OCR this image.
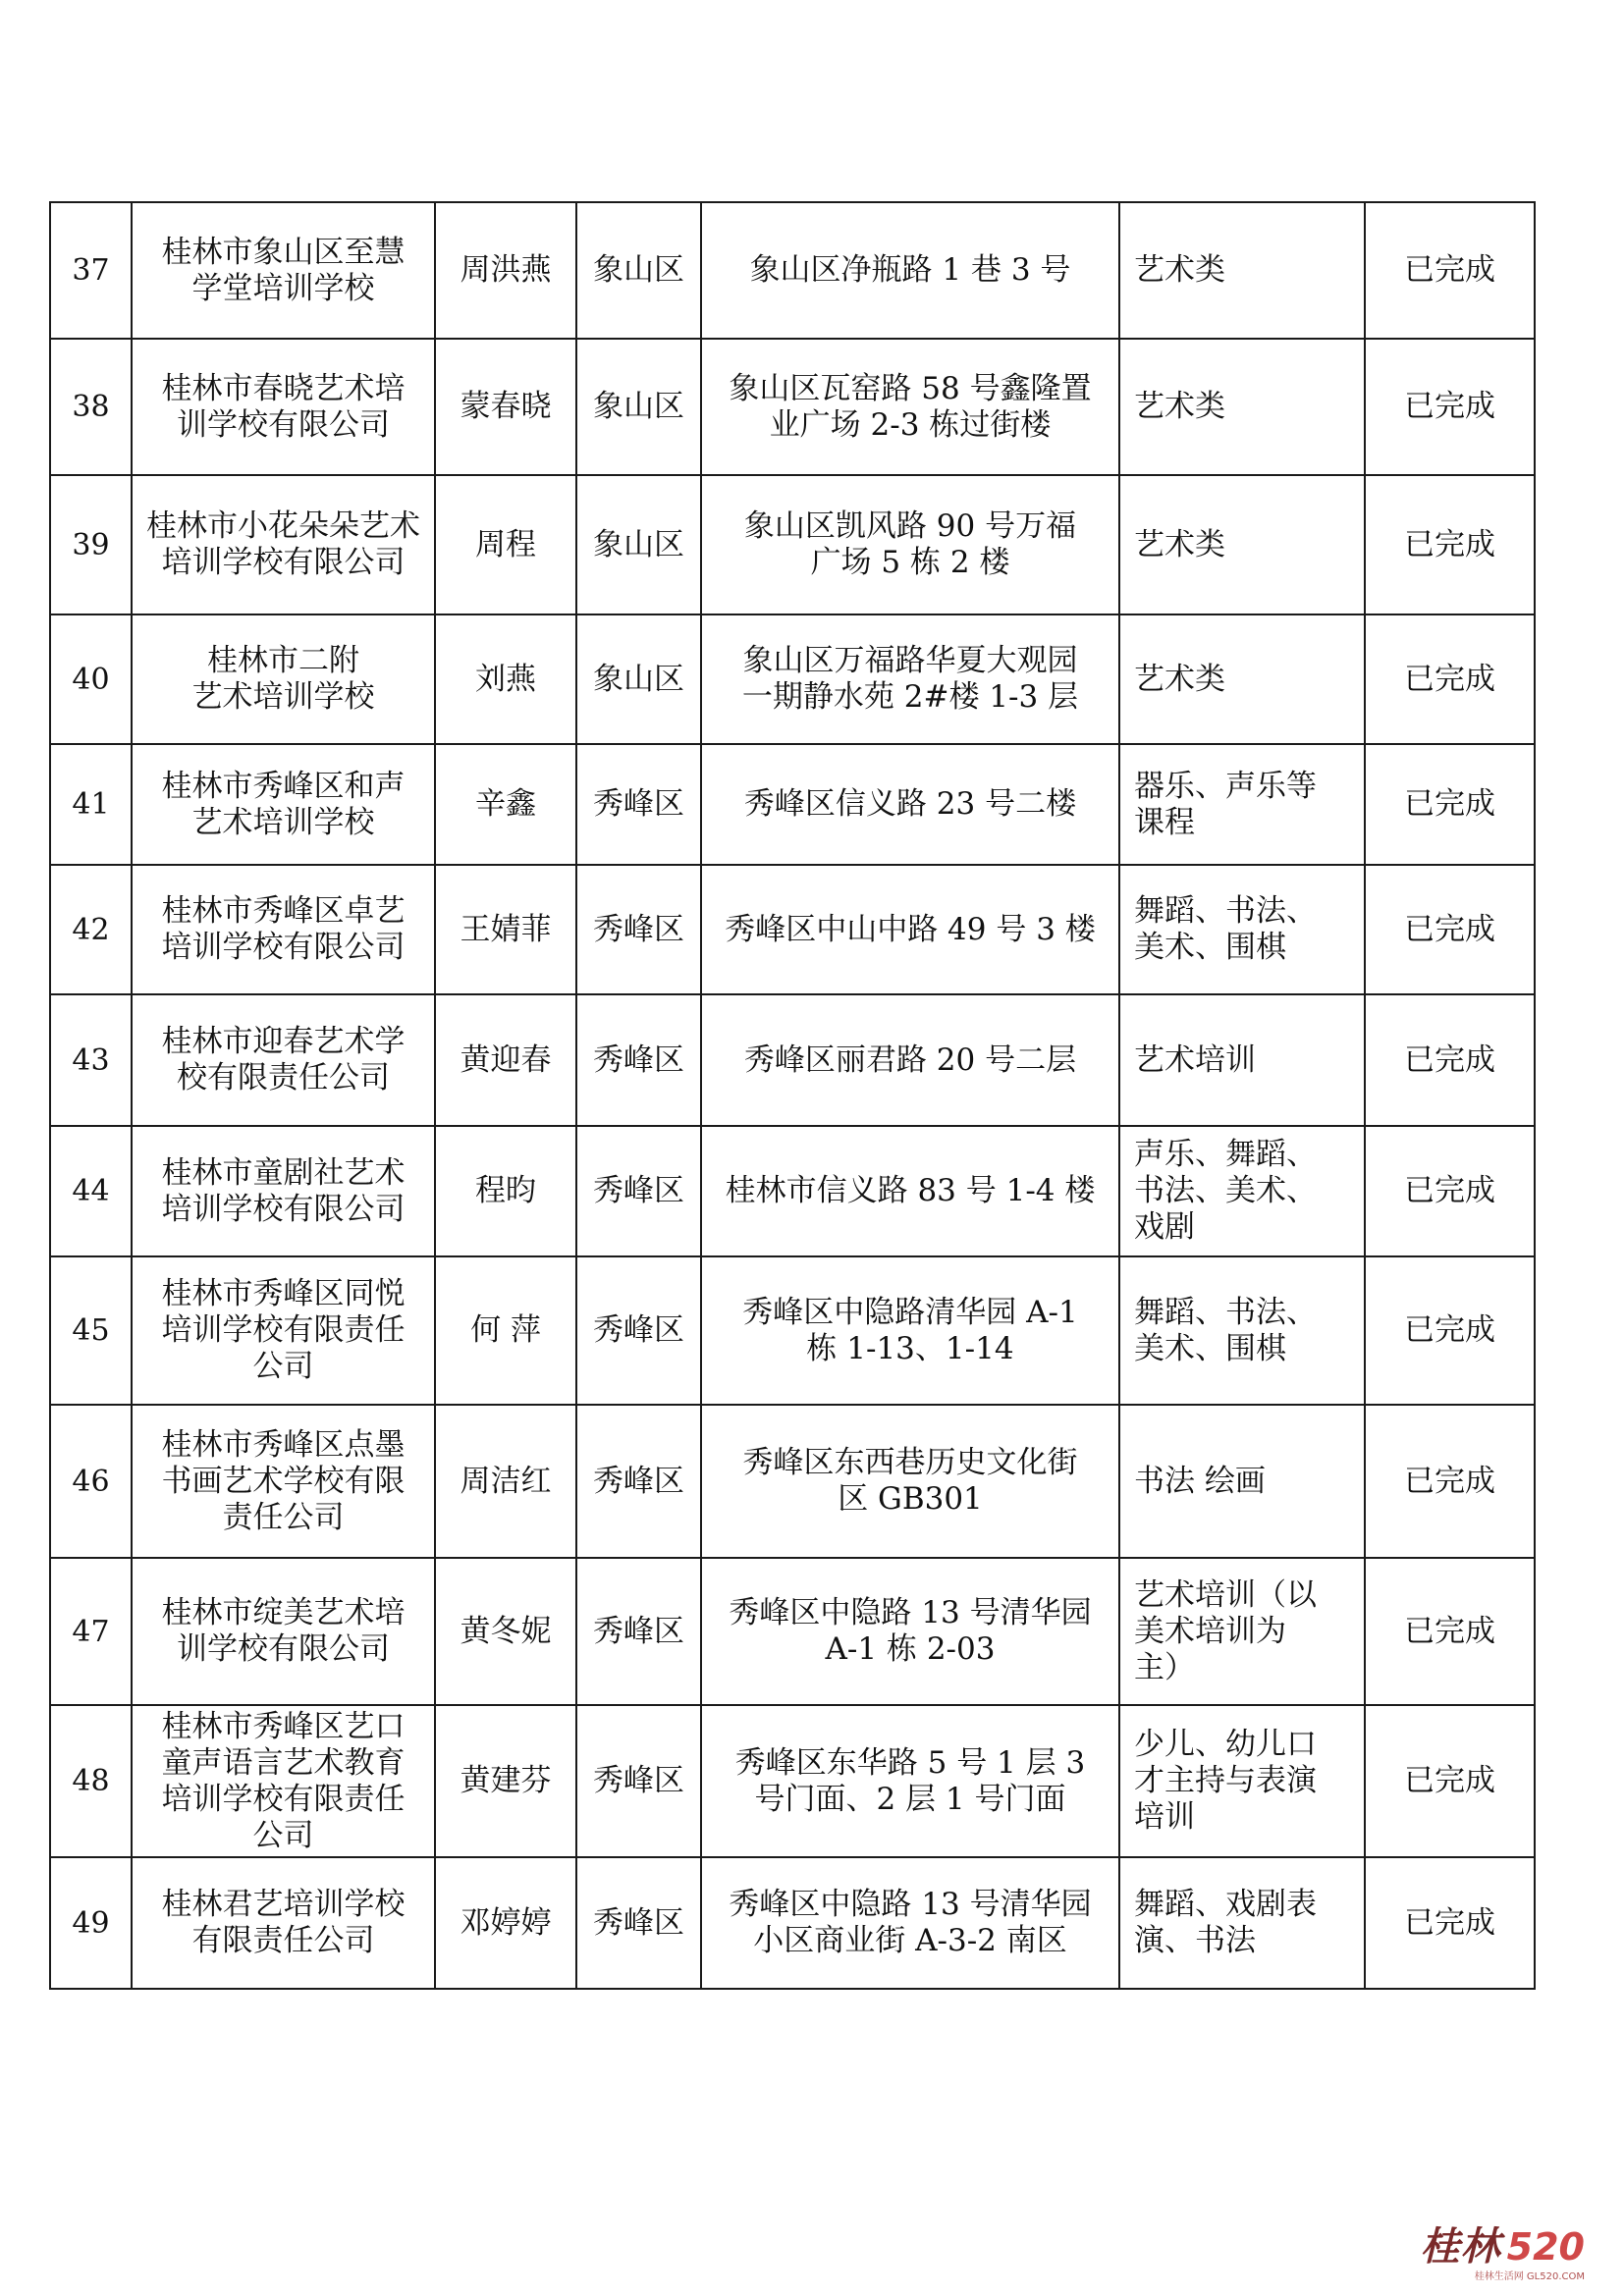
37	桂林市象山区至慧
学堂培训学校	周洪燕	象山区	象山区净瓶路 1 巷 3 号	艺术类	已完成
38	桂林市春晓艺术培
训学校有限公司	蒙春晓	象山区	象山区瓦窑路 58 号鑫隆置
业广场 2-3 栋过街楼	艺术类	已完成
39	桂林市小花朵朵艺术
培训学校有限公司	周程	象山区	象山区凯风路 90 号万福
广场 5 栋 2 楼	艺术类	已完成
40	桂林市二附
艺术培训学校	刘燕	象山区	象山区万福路华夏大观园
一期静水苑 2#楼 1-3 层	艺术类	已完成
41	桂林市秀峰区和声
艺术培训学校	辛鑫	秀峰区	秀峰区信义路 23 号二楼	器乐、声乐等
课程	已完成
42	桂林市秀峰区卓艺
培训学校有限公司	王婧菲	秀峰区	秀峰区中山中路 49 号 3 楼	舞蹈、书法、
美术、围棋	已完成
43	桂林市迎春艺术学
校有限责任公司	黄迎春	秀峰区	秀峰区丽君路 20 号二层	艺术培训	已完成
44	桂林市童剧社艺术
培训学校有限公司	程昀	秀峰区	桂林市信义路 83 号 1-4 楼	声乐、舞蹈、
书法、美术、
戏剧	已完成
45	桂林市秀峰区同悦
培训学校有限责任
公司	何 萍	秀峰区	秀峰区中隐路清华园 A-1
栋 1-13、1-14	舞蹈、书法、
美术、围棋	已完成
46	桂林市秀峰区点墨
书画艺术学校有限
责任公司	周洁红	秀峰区	秀峰区东西巷历史文化街
区 GB301	书法 绘画	已完成
47	桂林市绽美艺术培
训学校有限公司	黄冬妮	秀峰区	秀峰区中隐路 13 号清华园
A-1 栋 2-03	艺术培训（以
美术培训为
主）	已完成
48	桂林市秀峰区艺口
童声语言艺术教育
培训学校有限责任
公司	黄建芬	秀峰区	秀峰区东华路 5 号 1 层 3
号门面、2 层 1 号门面	少儿、幼儿口
才主持与表演
培训	已完成
49	桂林君艺培训学校
有限责任公司	邓婷婷	秀峰区	秀峰区中隐路 13 号清华园
小区商业街 A-3-2 南区	舞蹈、戏剧表
演、书法	已完成
桂林 520
桂林生活网 GL520.COM
